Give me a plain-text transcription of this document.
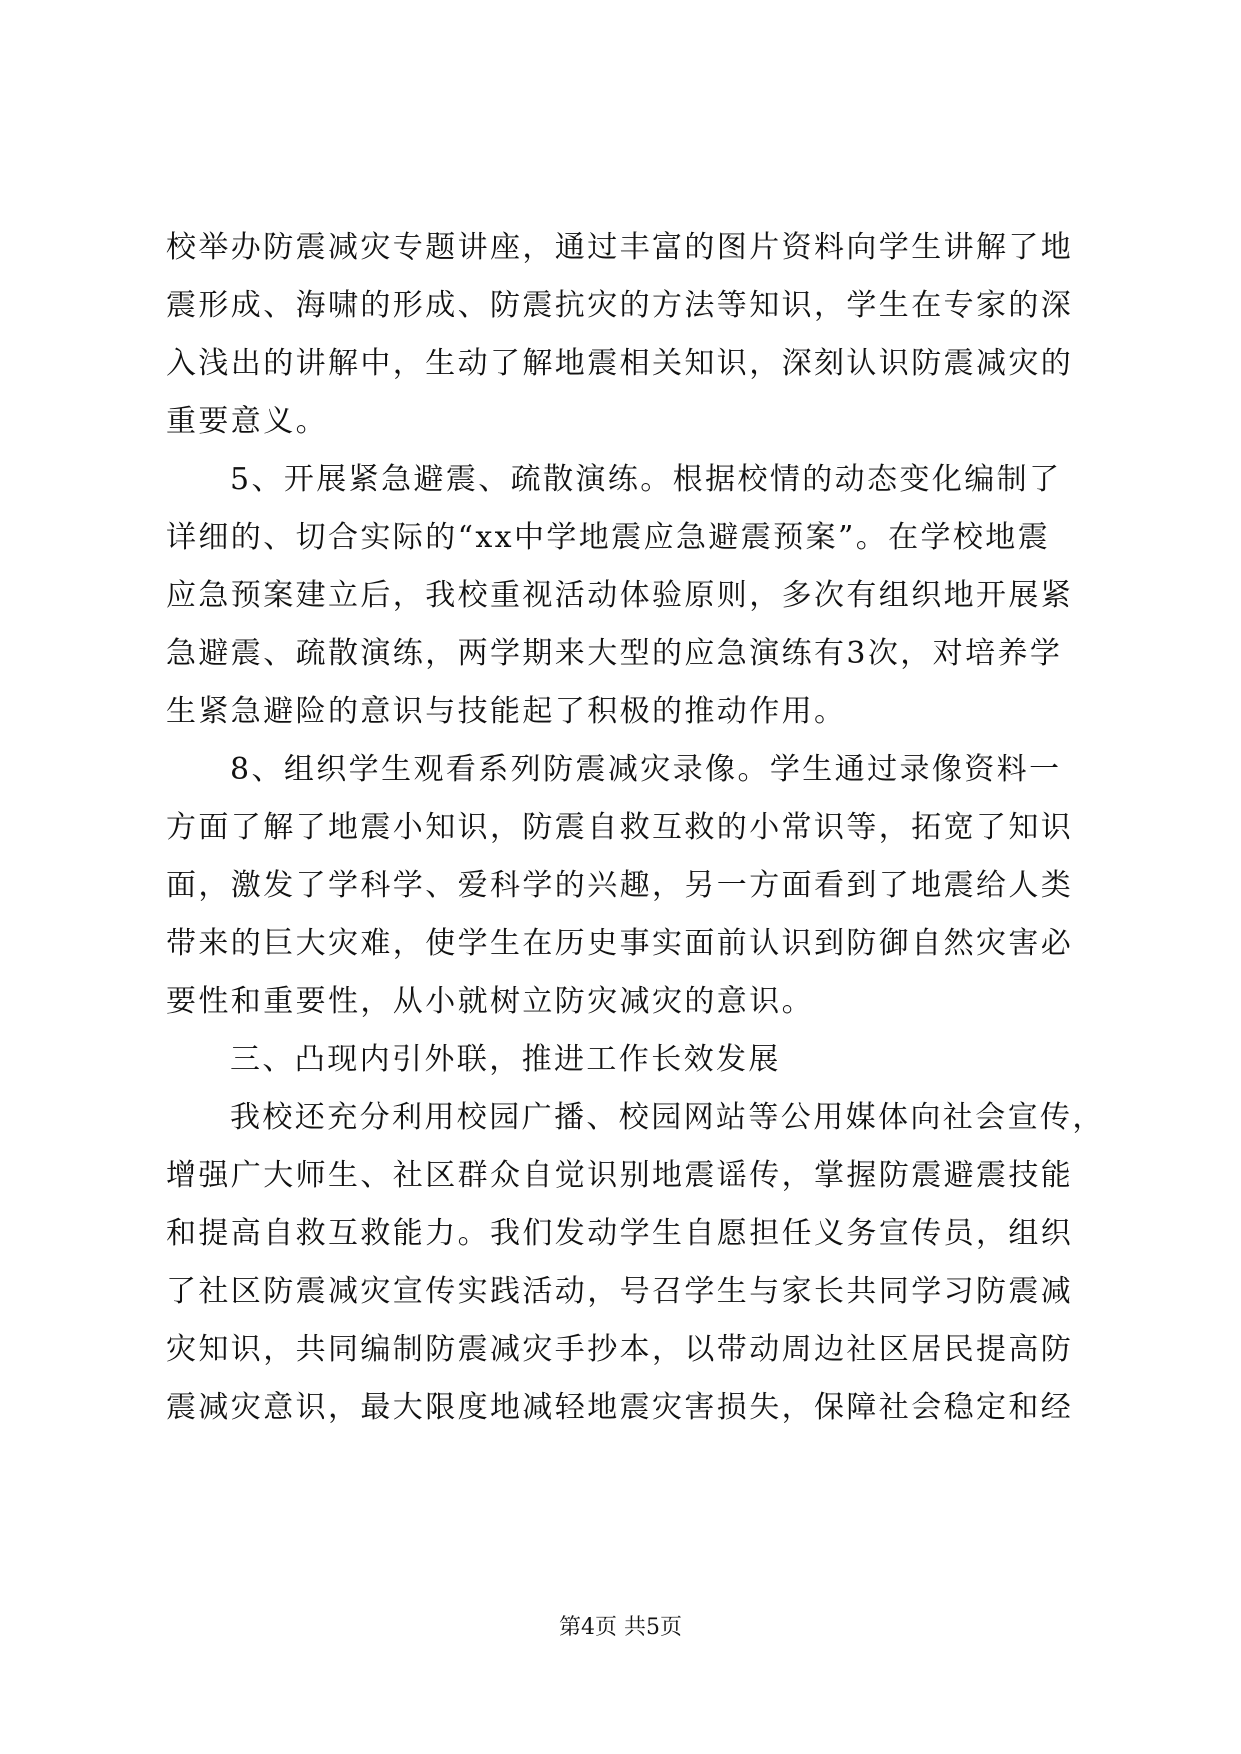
校举办防震减灾专题讲座，通过丰富的图片资料向学生讲解了地
震形成、海啸的形成、防震抗灾的方法等知识，学生在专家的深
入浅出的讲解中，生动了解地震相关知识，深刻认识防震减灾的
重要意义。
5、开展紧急避震、疏散演练。根据校情的动态变化编制了
详细的、切合实际的“xx中学地震应急避震预案”。在学校地震
应急预案建立后，我校重视活动体验原则，多次有组织地开展紧
急避震、疏散演练，两学期来大型的应急演练有3次，对培养学
生紧急避险的意识与技能起了积极的推动作用。
8、组织学生观看系列防震减灾录像。学生通过录像资料一
方面了解了地震小知识，防震自救互救的小常识等，拓宽了知识
面，激发了学科学、爱科学的兴趣，另一方面看到了地震给人类
带来的巨大灾难，使学生在历史事实面前认识到防御自然灾害必
要性和重要性，从小就树立防灾减灾的意识。
三、凸现内引外联，推进工作长效发展
我校还充分利用校园广播、校园网站等公用媒体向社会宣传，
增强广大师生、社区群众自觉识别地震谣传，掌握防震避震技能
和提高自救互救能力。我们发动学生自愿担任义务宣传员，组织
了社区防震减灾宣传实践活动，号召学生与家长共同学习防震减
灾知识，共同编制防震减灾手抄本，以带动周边社区居民提高防
震减灾意识，最大限度地减轻地震灾害损失，保障社会稳定和经
第4页 共5页
